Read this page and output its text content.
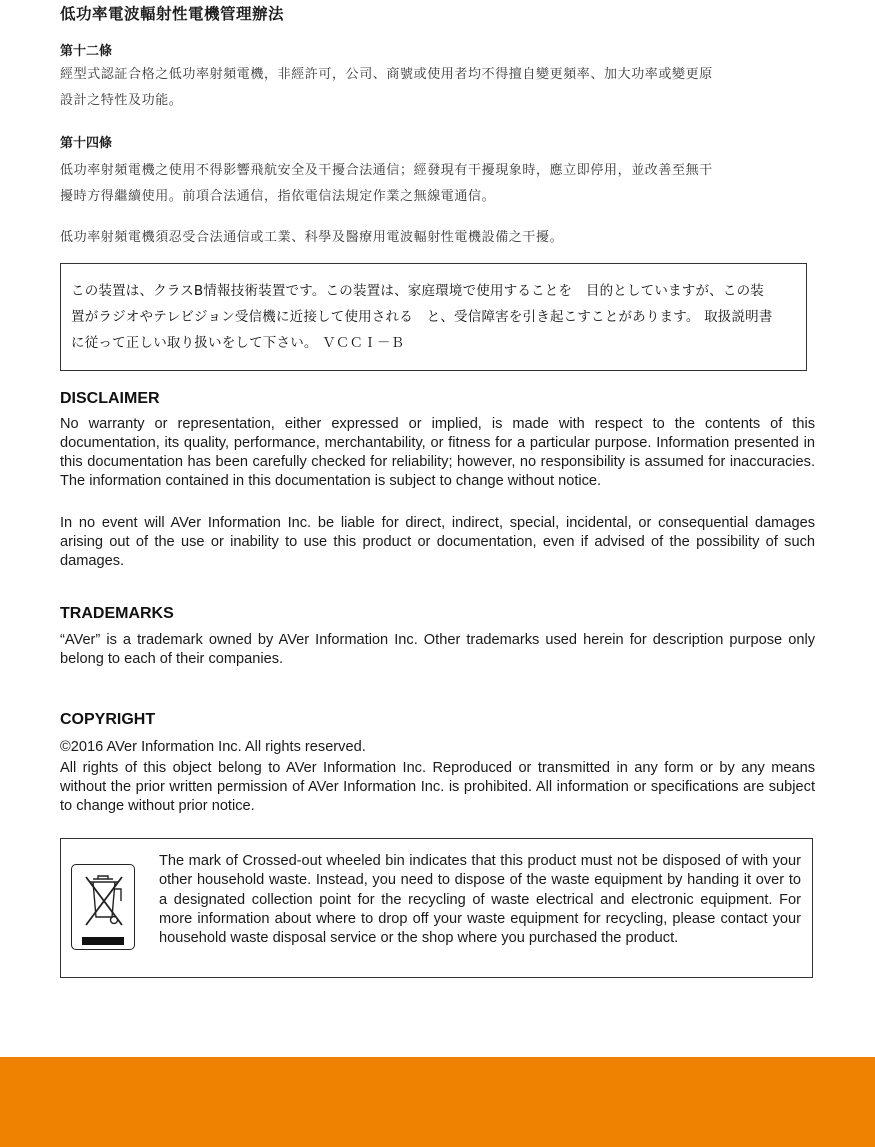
低功率電波輻射性電機管理辦法
第十二條
經型式認証合格之低功率射頻電機，非經許可，公司、商號或使用者均不得擅自變更頻率、加大功率或變更原
設計之特性及功能。
第十四條
低功率射頻電機之使用不得影響飛航安全及干擾合法通信；經發現有干擾現象時，應立即停用，並改善至無干
擾時方得繼續使用。前項合法通信，指依電信法規定作業之無線電通信。
低功率射頻電機須忍受合法通信或工業、科學及醫療用電波輻射性電機設備之干擾。
この装置は、クラスB情報技術装置です。この装置は、家庭環境で使用することを　目的としていますが、この装
置がラジオやテレビジョン受信機に近接して使用される　と、受信障害を引き起こすことがあります。 取扱説明書
に従って正しい取り扱いをして下さい。 ＶＣＣＩ－Ｂ
DISCLAIMER

No warranty or representation, either expressed or implied, is made with respect to the contents of this documentation, its quality, performance, merchantability, or fitness for a particular purpose. Information presented in this documentation has been carefully checked for reliability; however, no responsibility is assumed for inaccuracies. The information contained in this documentation is subject to change without notice.

In no event will AVer Information Inc. be liable for direct, indirect, special, incidental, or consequential damages arising out of the use or inability to use this product or documentation, even if advised of the possibility of such damages.

TRADEMARKS

“AVer” is a trademark owned by AVer Information Inc. Other trademarks used herein for description purpose only belong to each of their companies.

COPYRIGHT

©2016 AVer Information Inc. All rights reserved.

All rights of this object belong to AVer Information Inc. Reproduced or transmitted in any form or by any means without the prior written permission of AVer Information Inc. is prohibited. All information or specifications are subject to change without prior notice.

The mark of Crossed-out wheeled bin indicates that this product must not be disposed of with your other household waste. Instead, you need to dispose of the waste equipment by handing it over to a designated collection point for the recycling of waste electrical and electronic equipment. For more information about where to drop off your waste equipment for recycling, please contact your household waste disposal service or the shop where you purchased the product.
